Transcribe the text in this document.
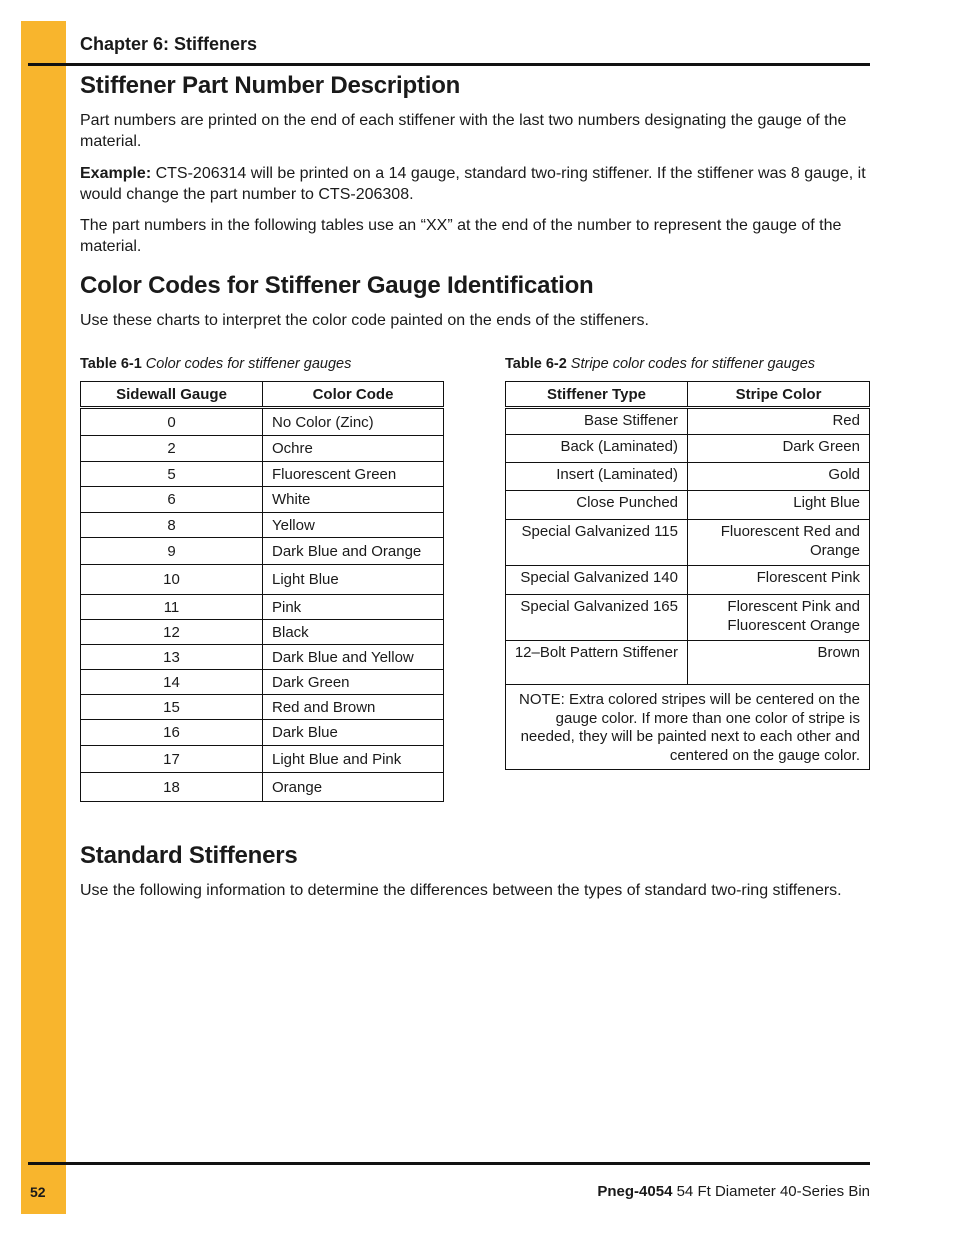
Chapter 6: Stiffeners
Stiffener Part Number Description

Part numbers are printed on the end of each stiffener with the last two numbers designating the gauge of the material.

Example: CTS-206314 will be printed on a 14 gauge, standard two-ring stiffener. If the stiffener was 8 gauge, it would change the part number to CTS-206308.

The part numbers in the following tables use an “XX” at the end of the number to represent the gauge of the material.

Color Codes for Stiffener Gauge Identification

Use these charts to interpret the color code painted on the ends of the stiffeners.

Table 6-1 Color codes for stiffener gauges	Table 6-2 Stripe color codes for stiffener gauges
Sidewall Gauge	Color Code
0	No Color (Zinc)
2	Ochre
5	Fluorescent Green
6	White
8	Yellow
9	Dark Blue and Orange
10	Light Blue
11	Pink
12	Black
13	Dark Blue and Yellow
14	Dark Green
15	Red and Brown
16	Dark Blue
17	Light Blue and Pink
18	Orange
Stiffener Type	Stripe Color
Base Stiffener	Red
Back (Laminated)	Dark Green
Insert (Laminated)	Gold
Close Punched	Light Blue
Special Galvanized 115	Fluorescent Red and Orange
Special Galvanized 140	Florescent Pink
Special Galvanized 165	Florescent Pink and Fluorescent Orange
12–Bolt Pattern Stiffener	Brown
NOTE: Extra colored stripes will be centered on the gauge color. If more than one color of stripe is needed, they will be painted next to each other and centered on the gauge color.	
Standard Stiffeners

Use the following information to determine the differences between the types of standard two-ring stiffeners.

52	Pneg-4054 54 Ft Diameter 40-Series Bin
